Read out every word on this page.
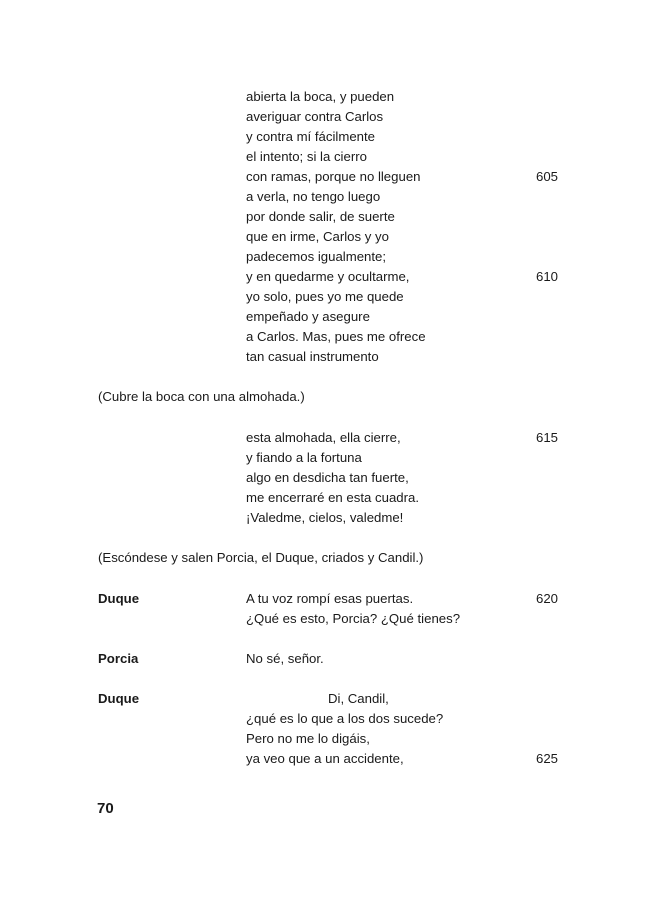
abierta la boca, y pueden
averiguar contra Carlos
y contra mí fácilmente
el intento; si la cierro
con ramas, porque no lleguen	605
a verla, no tengo luego
por donde salir, de suerte
que en irme, Carlos y yo
padecemos igualmente;
y en quedarme y ocultarme,	610
yo solo, pues yo me quede
empeñado y asegure
a Carlos. Mas, pues me ofrece
tan casual instrumento
(Cubre la boca con una almohada.)
esta almohada, ella cierre,	615
y fiando a la fortuna
algo en desdicha tan fuerte,
me encerraré en esta cuadra.
¡Valedme, cielos, valedme!
(Escóndese y salen Porcia, el Duque, criados y Candil.)
Duque	A tu voz rompí esas puertas.	620
¿Qué es esto, Porcia? ¿Qué tienes?
Porcia	No sé, señor.
Duque	Di, Candil,
¿qué es lo que a los dos sucede?
Pero no me lo digáis,
ya veo que a un accidente,	625
70
